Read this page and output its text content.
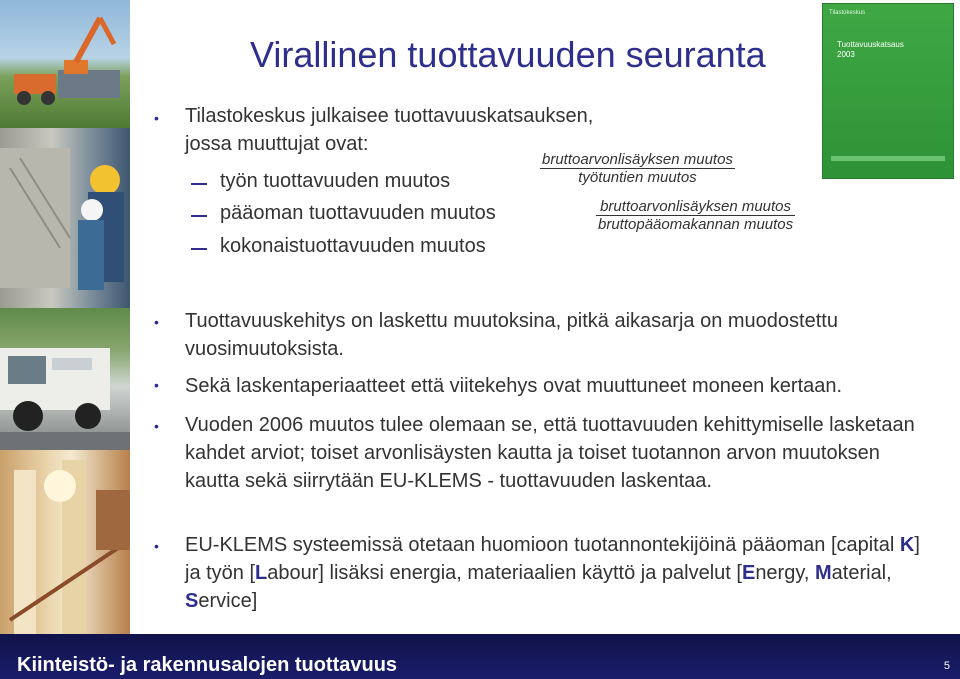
Virallinen tuottavuuden seuranta
Tilastokeskus
Tuottavuuskatsaus
2003
• Tilastokeskus julkaisee tuottavuuskatsauksen,
jossa muuttujat ovat:
työn tuottavuuden muutos
pääoman tuottavuuden muutos
kokonaistuottavuuden muutos
bruttoarvonlisäyksen muutos
työtuntien muutos
bruttoarvonlisäyksen muutos
bruttopääomakannan muutos
• Tuottavuuskehitys on laskettu muutoksina, pitkä aikasarja on muodostettu vuosimuutoksista.
• Sekä laskentaperiaatteet että viitekehys ovat muuttuneet moneen kertaan.
• Vuoden 2006 muutos tulee olemaan se, että tuottavuuden kehittymiselle lasketaan kahdet arviot; toiset arvonlisäysten kautta ja toiset tuotannon arvon muutoksen kautta sekä siirrytään EU-KLEMS - tuottavuuden laskentaa.
• EU-KLEMS systeemissä otetaan huomioon tuotannontekijöinä pääoman [capital K] ja työn [Labour] lisäksi energia, materiaalien käyttö ja palvelut [Energy, Material, Service]
Kiinteistö- ja rakennusalojen tuottavuus	5
